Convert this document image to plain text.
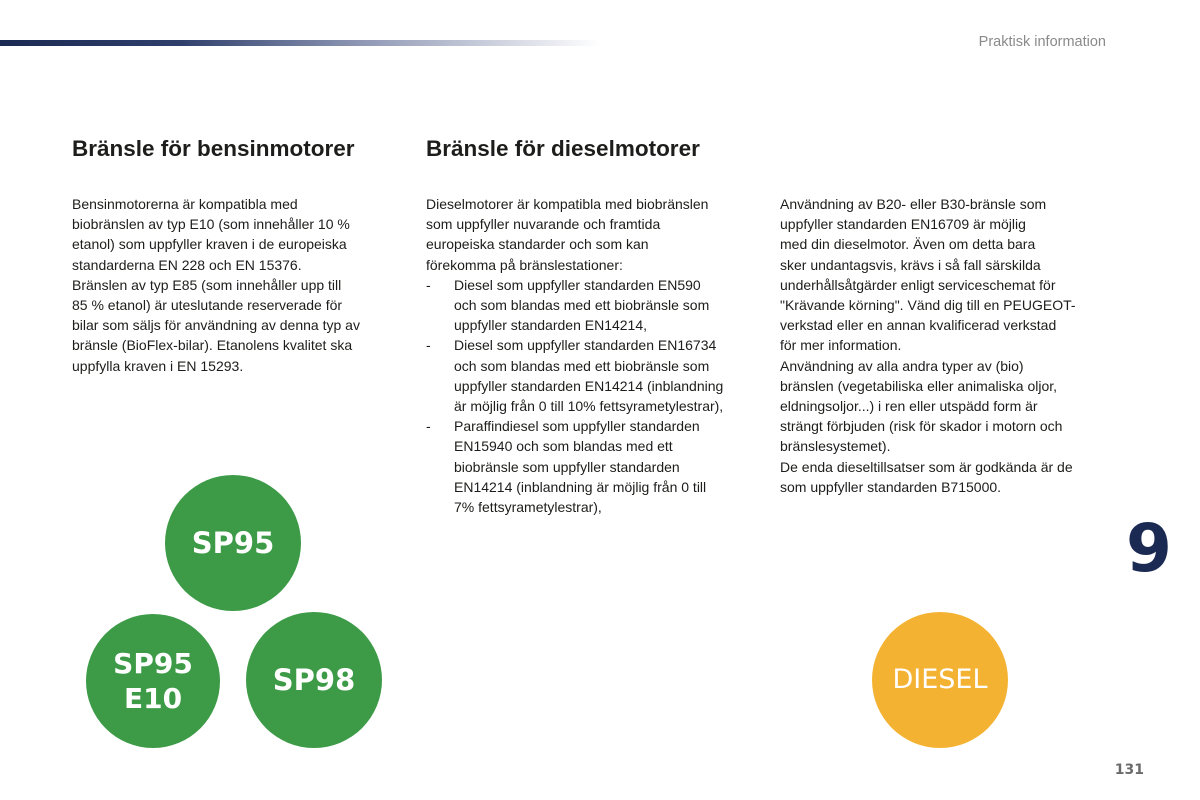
Praktisk information
Bränsle för bensinmotorer

Bensinmotorerna är kompatibla med
biobränslen av typ E10 (som innehåller 10 %
etanol) som uppfyller kraven i de europeiska
standarderna EN 228 och EN 15376.
Bränslen av typ E85 (som innehåller upp till
85 % etanol) är uteslutande reserverade för
bilar som säljs för användning av denna typ av
bränsle (BioFlex-bilar). Etanolens kvalitet ska
uppfylla kraven i EN 15293.

Bränsle för dieselmotorer

Dieselmotorer är kompatibla med biobränslen
som uppfyller nuvarande och framtida
europeiska standarder och som kan
förekomma på bränslestationer:

- Diesel som uppfyller standarden EN590
och som blandas med ett biobränsle som
uppfyller standarden EN14214,
- Diesel som uppfyller standarden EN16734
och som blandas med ett biobränsle som
uppfyller standarden EN14214 (inblandning
är möjlig från 0 till 10% fettsyrametylestrar),
- Paraffindiesel som uppfyller standarden
EN15940 och som blandas med ett
biobränsle som uppfyller standarden
EN14214 (inblandning är möjlig från 0 till
7% fettsyrametylestrar),

Användning av B20- eller B30-bränsle som
uppfyller standarden EN16709 är möjlig
med din dieselmotor. Även om detta bara
sker undantagsvis, krävs i så fall särskilda
underhållsåtgärder enligt serviceschemat för
"Krävande körning". Vänd dig till en PEUGEOT-
verkstad eller en annan kvalificerad verkstad
för mer information.
Användning av alla andra typer av (bio)
bränslen (vegetabiliska eller animaliska oljor,
eldningsoljor...) i ren eller utspädd form är
strängt förbjuden (risk för skador i motorn och
bränslesystemet).
De enda dieseltillsatser som är godkända är de
som uppfyller standarden B715000.

SP95
SP95
E10
SP98	DIESEL
9
131
